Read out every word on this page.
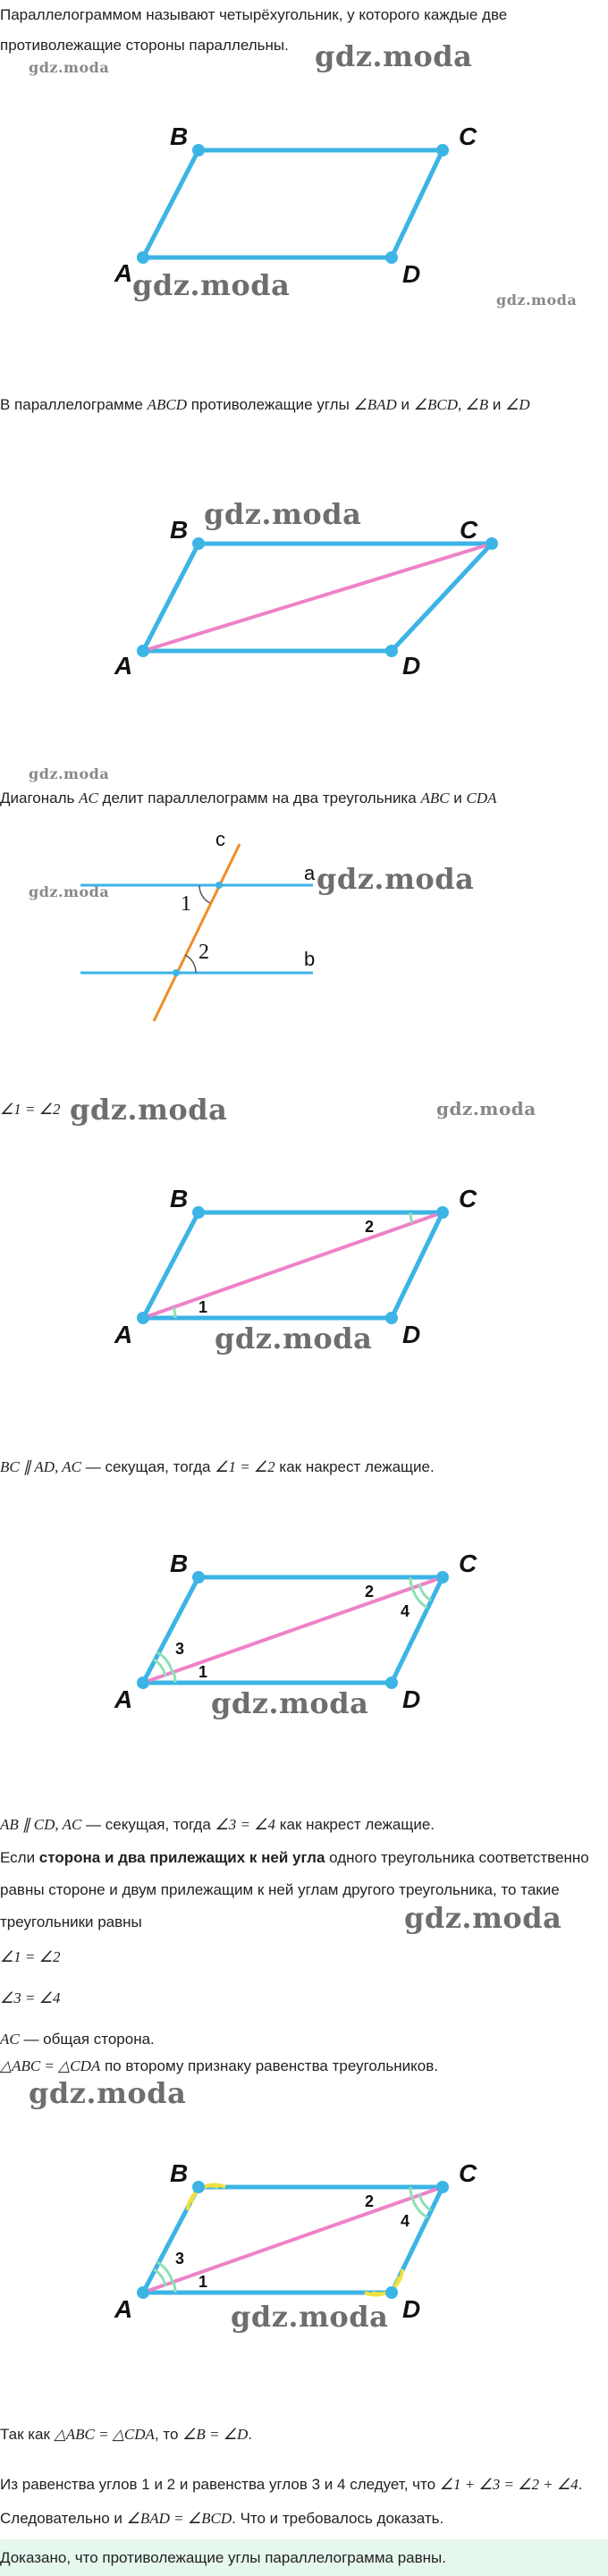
Параллелограммом называют четырёхугольник, у которого каждые две противолежащие стороны параллельны.
gdz.moda	gdz.moda
B	C
A	D
gdz.moda	gdz.moda
В параллелограмме ABCD противолежащие углы ∠BAD и ∠BCD, ∠B и ∠D
B	C
A	D
gdz.moda
gdz.moda
Диагональ AC делит параллелограмм на два треугольника ABC и CDA
1
2
c
a
b
gdz.moda	gdz.moda
∠1 = ∠2 gdz.moda	gdz.moda
1
2
B	C
A	D
gdz.moda
BC ∥ AD, AC — секущая, тогда ∠1 = ∠2 как накрест лежащие.
1
2
3
4
B	C
A	D
gdz.moda
AB ∥ CD, AC — секущая, тогда ∠3 = ∠4 как накрест лежащие.
Если сторона и два прилежащих к ней угла одного треугольника соответственно равны стороне и двум прилежащим к ней углам другого треугольника, то такие треугольники равны	gdz.moda
∠1 = ∠2
∠3 = ∠4
AC — общая сторона.
△ABC = △CDA по второму признаку равенства треугольников.
gdz.moda
1
2
3
4
B	C
A	D
gdz.moda
Так как △ABC = △CDA, то ∠B = ∠D.
Из равенства углов 1 и 2 и равенства углов 3 и 4 следует, что ∠1 + ∠3 = ∠2 + ∠4. Следовательно и ∠BAD = ∠BCD. Что и требовалось доказать.
Доказано, что противолежащие углы параллелограмма равны.
